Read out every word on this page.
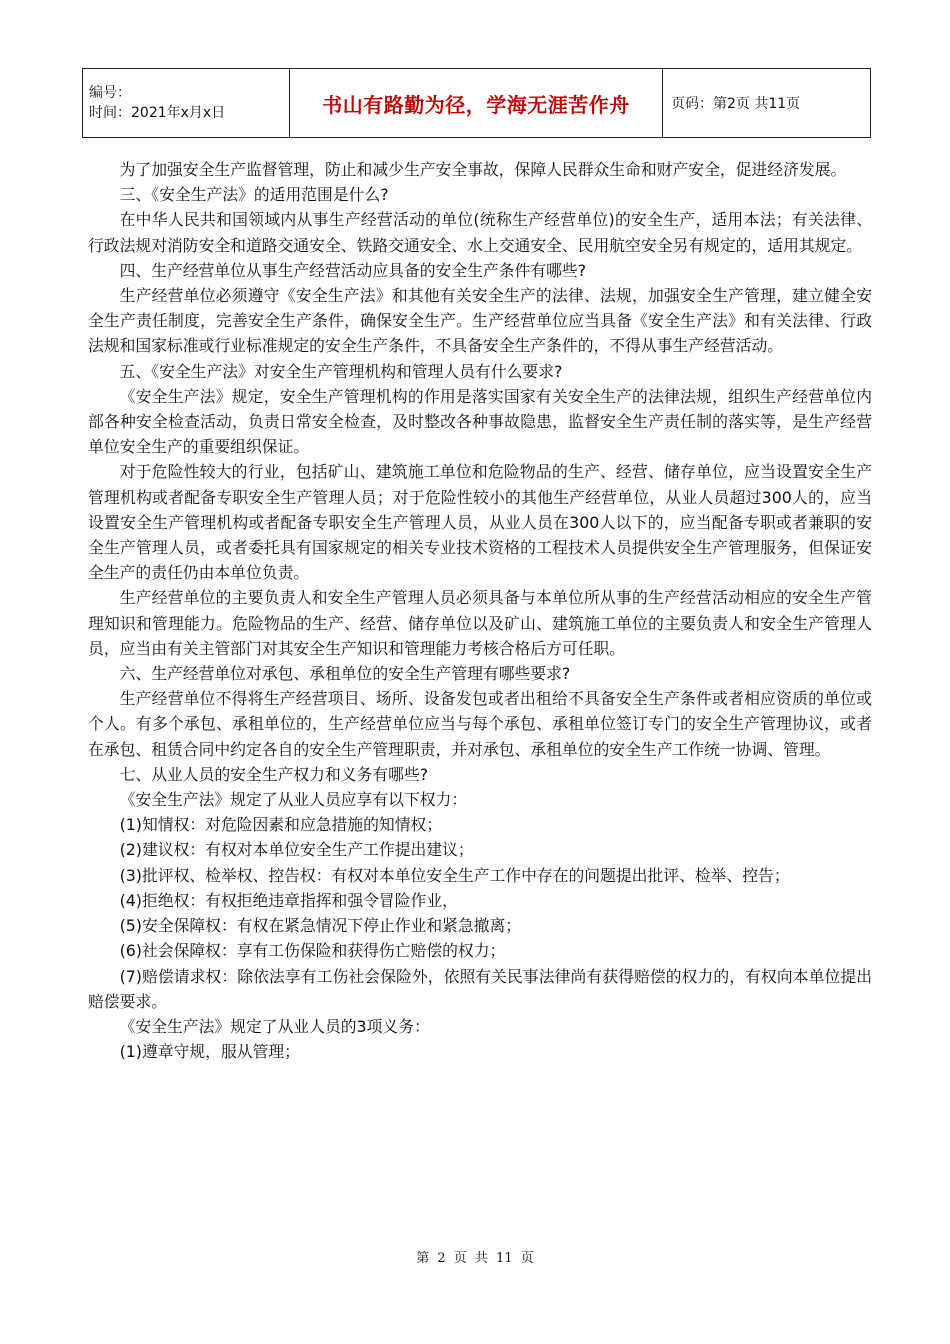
编号：
时间：2021年x月x日	书山有路勤为径，学海无涯苦作舟	页码：第2页 共11页

为了加强安全生产监督管理，防止和减少生产安全事故，保障人民群众生命和财产安全，促进经济发展。

三、《安全生产法》的适用范围是什么?

在中华人民共和国领域内从事生产经营活动的单位(统称生产经营单位)的安全生产，适用本法；有关法律、行政法规对消防安全和道路交通安全、铁路交通安全、水上交通安全、民用航空安全另有规定的，适用其规定。

四、生产经营单位从事生产经营活动应具备的安全生产条件有哪些?

生产经营单位必须遵守《安全生产法》和其他有关安全生产的法律、法规，加强安全生产管理，建立健全安全生产责任制度，完善安全生产条件，确保安全生产。生产经营单位应当具备《安全生产法》和有关法律、行政法规和国家标准或行业标准规定的安全生产条件，不具备安全生产条件的，不得从事生产经营活动。

五、《安全生产法》对安全生产管理机构和管理人员有什么要求?

《安全生产法》规定，安全生产管理机构的作用是落实国家有关安全生产的法律法规，组织生产经营单位内部各种安全检查活动，负责日常安全检查，及时整改各种事故隐患，监督安全生产责任制的落实等，是生产经营单位安全生产的重要组织保证。

对于危险性较大的行业，包括矿山、建筑施工单位和危险物品的生产、经营、储存单位，应当设置安全生产管理机构或者配备专职安全生产管理人员；对于危险性较小的其他生产经营单位，从业人员超过300人的，应当设置安全生产管理机构或者配备专职安全生产管理人员，从业人员在300人以下的，应当配备专职或者兼职的安全生产管理人员，或者委托具有国家规定的相关专业技术资格的工程技术人员提供安全生产管理服务，但保证安全生产的责任仍由本单位负责。

生产经营单位的主要负责人和安全生产管理人员必须具备与本单位所从事的生产经营活动相应的安全生产管理知识和管理能力。危险物品的生产、经营、储存单位以及矿山、建筑施工单位的主要负责人和安全生产管理人员，应当由有关主管部门对其安全生产知识和管理能力考核合格后方可任职。

六、生产经营单位对承包、承租单位的安全生产管理有哪些要求?

生产经营单位不得将生产经营项目、场所、设备发包或者出租给不具备安全生产条件或者相应资质的单位或个人。有多个承包、承租单位的，生产经营单位应当与每个承包、承租单位签订专门的安全生产管理协议，或者在承包、租赁合同中约定各自的安全生产管理职责，并对承包、承租单位的安全生产工作统一协调、管理。

七、从业人员的安全生产权力和义务有哪些?

《安全生产法》规定了从业人员应享有以下权力：

(1)知情权：对危险因素和应急措施的知情权；

(2)建议权：有权对本单位安全生产工作提出建议；

(3)批评权、检举权、控告权：有权对本单位安全生产工作中存在的问题提出批评、检举、控告；

(4)拒绝权：有权拒绝违章指挥和强令冒险作业，

(5)安全保障权：有权在紧急情况下停止作业和紧急撤离；

(6)社会保障权：享有工伤保险和获得伤亡赔偿的权力；

(7)赔偿请求权：除依法享有工伤社会保险外，依照有关民事法律尚有获得赔偿的权力的，有权向本单位提出赔偿要求。

《安全生产法》规定了从业人员的3项义务：

(1)遵章守规，服从管理；

第 2 页 共 11 页
